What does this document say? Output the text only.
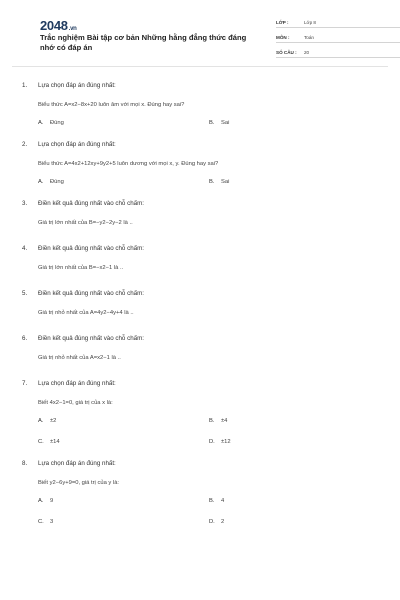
2048.vn
Trắc nghiệm Bài tập cơ bản Những hằng đẳng thức đáng nhớ có đáp án
LỚP :	Lớp 8
MÔN :	Toán
SỐ CÂU :	20
1.	Lựa chọn đáp án đúng nhất:
Biểu thức A=x2−8x+20 luôn âm với mọi x. Đúng hay sai?
A.	Đúng	B.	Sai
2.	Lựa chọn đáp án đúng nhất:
Biểu thức A=4x2+12xy+9y2+5 luôn dương với mọi x, y. Đúng hay sai?
A.	Đúng	B.	Sai
3.	Điền kết quả đúng nhất vào chỗ chấm:
Giá trị lớn nhất của B=−y2−2y−2 là ..
4.	Điền kết quả đúng nhất vào chỗ chấm:
Giá trị lớn nhất của B=−x2−1 là ..
5.	Điền kết quả đúng nhất vào chỗ chấm:
Giá trị nhỏ nhất của A=4y2−4y+4 là ..
6.	Điền kết quả đúng nhất vào chỗ chấm:
Giá trị nhỏ nhất của A=x2−1 là ..
7.	Lựa chọn đáp án đúng nhất:
Biết 4x2−1=0, giá trị của x là:
A.	±2	B.	±4
C.	±14	D.	±12
8.	Lựa chọn đáp án đúng nhất:
Biết y2−6y+9=0, giá trị của y là:
A.	9	B.	4
C.	3	D.	2
